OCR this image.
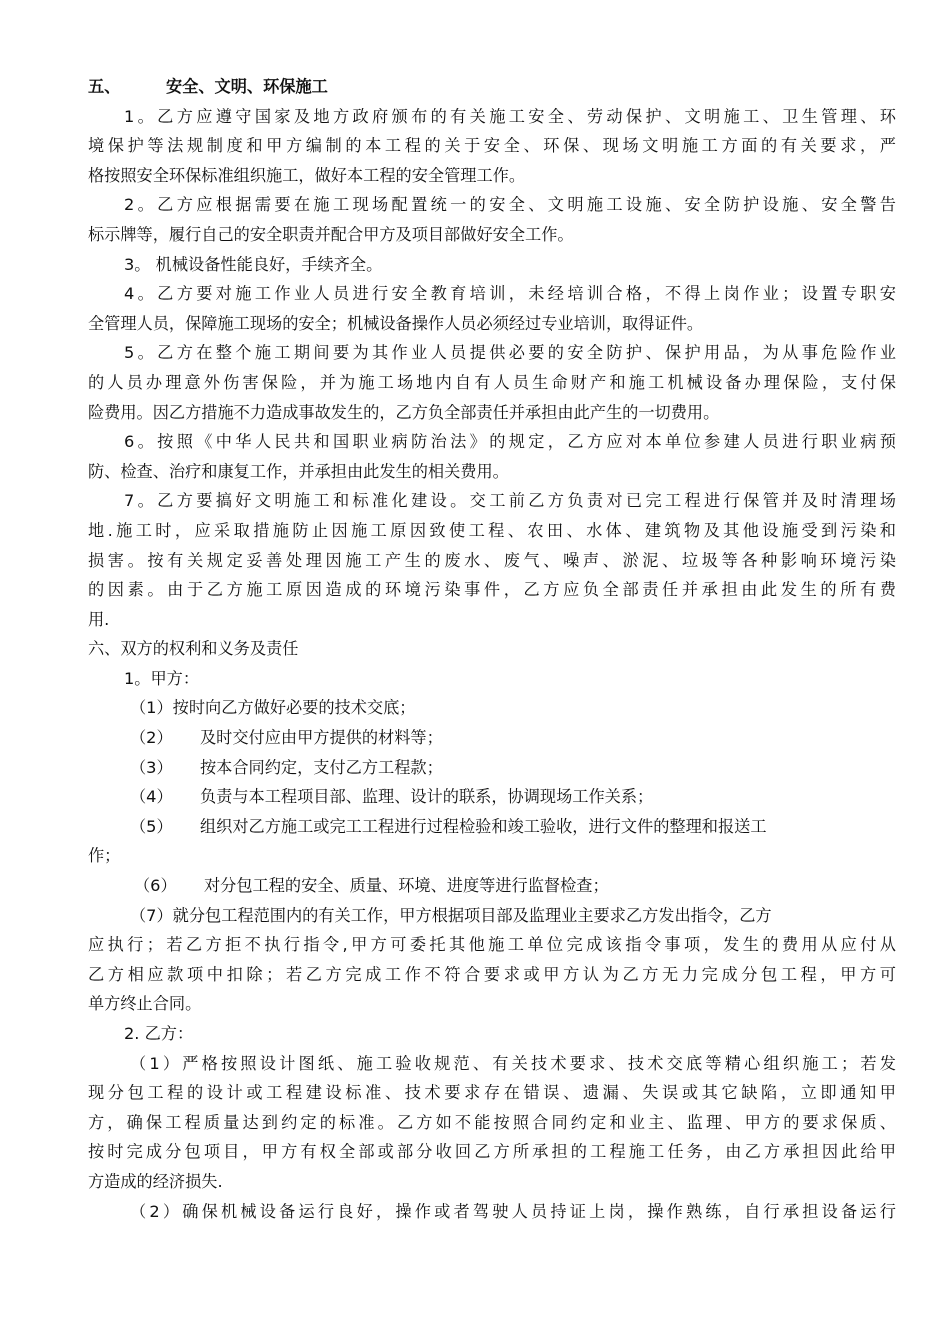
五、	安全、文明、环保施工
1。乙方应遵守国家及地方政府颁布的有关施工安全、劳动保护、文明施工、卫生管理、环
境保护等法规制度和甲方编制的本工程的关于安全、环保、现场文明施工方面的有关要求，严
格按照安全环保标准组织施工，做好本工程的安全管理工作。
2。乙方应根据需要在施工现场配置统一的安全、文明施工设施、安全防护设施、安全警告
标示牌等，履行自己的安全职责并配合甲方及项目部做好安全工作。
3。 机械设备性能良好，手续齐全。
4。乙方要对施工作业人员进行安全教育培训，未经培训合格，不得上岗作业；设置专职安
全管理人员，保障施工现场的安全；机械设备操作人员必须经过专业培训，取得证件。
5。乙方在整个施工期间要为其作业人员提供必要的安全防护、保护用品，为从事危险作业
的人员办理意外伤害保险，并为施工场地内自有人员生命财产和施工机械设备办理保险，支付保
险费用。因乙方措施不力造成事故发生的，乙方负全部责任并承担由此产生的一切费用。
6。按照《中华人民共和国职业病防治法》的规定，乙方应对本单位参建人员进行职业病预
防、检查、治疗和康复工作，并承担由此发生的相关费用。
7。乙方要搞好文明施工和标准化建设。交工前乙方负责对已完工程进行保管并及时清理场
地.施工时，应采取措施防止因施工原因致使工程、农田、水体、建筑物及其他设施受到污染和
损害。按有关规定妥善处理因施工产生的废水、废气、噪声、淤泥、垃圾等各种影响环境污染
的因素。由于乙方施工原因造成的环境污染事件，乙方应负全部责任并承担由此发生的所有费
用.
六、双方的权利和义务及责任
1。甲方：
（1）按时向乙方做好必要的技术交底；
（2） 及时交付应由甲方提供的材料等；
（3） 按本合同约定，支付乙方工程款；
（4） 负责与本工程项目部、监理、设计的联系，协调现场工作关系；
（5） 组织对乙方施工或完工工程进行过程检验和竣工验收，进行文件的整理和报送工
作；
（6） 对分包工程的安全、质量、环境、进度等进行监督检查；
（7）就分包工程范围内的有关工作，甲方根据项目部及监理业主要求乙方发出指令，乙方
应执行；若乙方拒不执行指令,甲方可委托其他施工单位完成该指令事项，发生的费用从应付从
乙方相应款项中扣除；若乙方完成工作不符合要求或甲方认为乙方无力完成分包工程，甲方可
单方终止合同。
2. 乙方：
（1）严格按照设计图纸、施工验收规范、有关技术要求、技术交底等精心组织施工；若发
现分包工程的设计或工程建设标准、技术要求存在错误、遗漏、失误或其它缺陷，立即通知甲
方，确保工程质量达到约定的标准。乙方如不能按照合同约定和业主、监理、甲方的要求保质、
按时完成分包项目，甲方有权全部或部分收回乙方所承担的工程施工任务，由乙方承担因此给甲
方造成的经济损失.
（2）确保机械设备运行良好，操作或者驾驶人员持证上岗，操作熟练，自行承担设备运行
